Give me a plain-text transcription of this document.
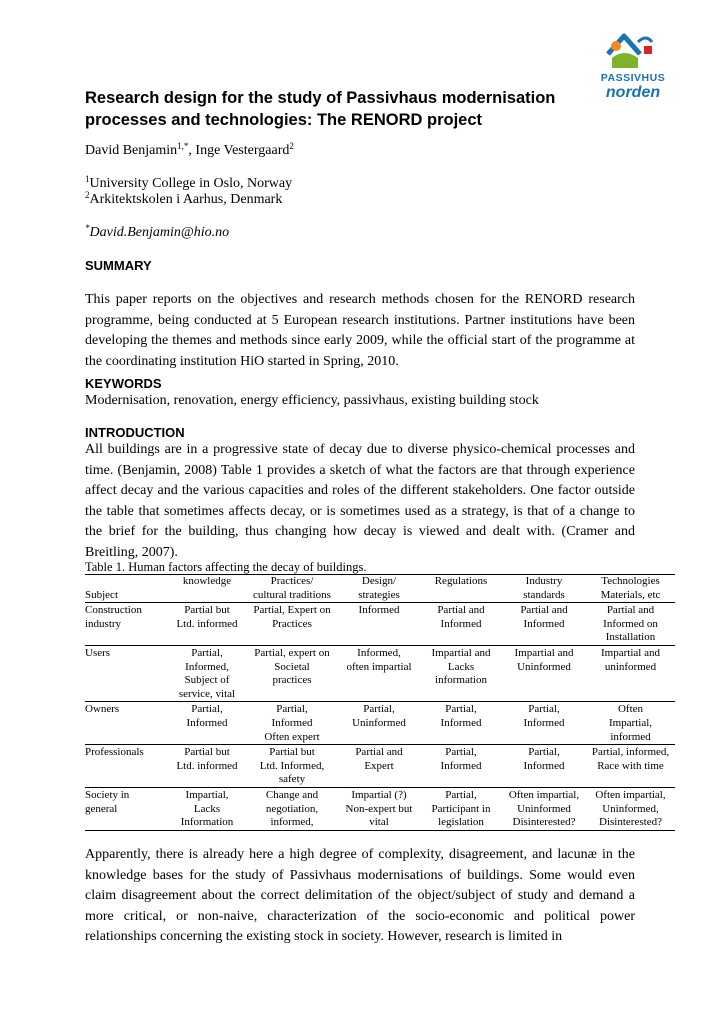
PASSIVHUS
norden
Research design for the study of Passivhaus modernisation processes and technologies: The RENORD project
David Benjamin$^{1,*}$, Inge Vestergaard$^2$
$^1$University College in Oslo, Norway
$^2$Arkitektskolen i Aarhus, Denmark
*David.Benjamin@hio.no
SUMMARY
This paper reports on the objectives and research methods chosen for the RENORD research programme, being conducted at 5 European research institutions. Partner institutions have been developing the themes and methods since early 2009, while the official start of the programme at the coordinating institution HiO started in Spring, 2010.
KEYWORDS
Modernisation, renovation, energy efficiency, passivhaus, existing building stock
INTRODUCTION
All buildings are in a progressive state of decay due to diverse physico-chemical processes and time. (Benjamin, 2008) Table 1 provides a sketch of what the factors are that through experience affect decay and the various capacities and roles of the different stakeholders. One factor outside the table that sometimes affects decay, or is sometimes used as a strategy, is that of a change to the brief for the building, thus changing how decay is viewed and dealt with. (Cramer and Breitling, 2007).
Table 1. Human factors affecting the decay of buildings.
	knowledge	Practices/	Design/	Regulations	Industry	Technologies
Subject		cultural traditions	strategies		standards	Materials, etc
Construction	Partial but	Partial, Expert on	Informed	Partial and	Partial and	Partial and
industry	Ltd. informed	Practices		Informed	Informed	Informed on
						Installation
Users	Partial,	Partial, expert on	Informed,	Impartial and	Impartial and	Impartial and
	Informed,	Societal	often impartial	Lacks	Uninformed	uninformed
	Subject of	practices		information		
	service, vital					
Owners	Partial,	Partial,	Partial,	Partial,	Partial,	Often
	Informed	Informed	Uninformed	Informed	Informed	Impartial,
		Often expert				informed
Professionals	Partial but	Partial but	Partial and	Partial,	Partial,	Partial, informed,
	Ltd. informed	Ltd. Informed,	Expert	Informed	Informed	Race with time
		safety				
Society in	Impartial,	Change and	Impartial (?)	Partial,	Often impartial,	Often impartial,
general	Lacks	negotiation,	Non-expert but	Participant in	Uninformed	Uninformed,
	Information	informed,	vital	legislation	Disinterested?	Disinterested?
Apparently, there is already here a high degree of complexity, disagreement, and lacunæ in the knowledge bases for the study of Passivhaus modernisations of buildings. Some would even claim disagreement about the correct delimitation of the object/subject of study and demand a more critical, or non-naive, characterization of the socio-economic and political power relationships concerning the existing stock in society. However, research is limited in
